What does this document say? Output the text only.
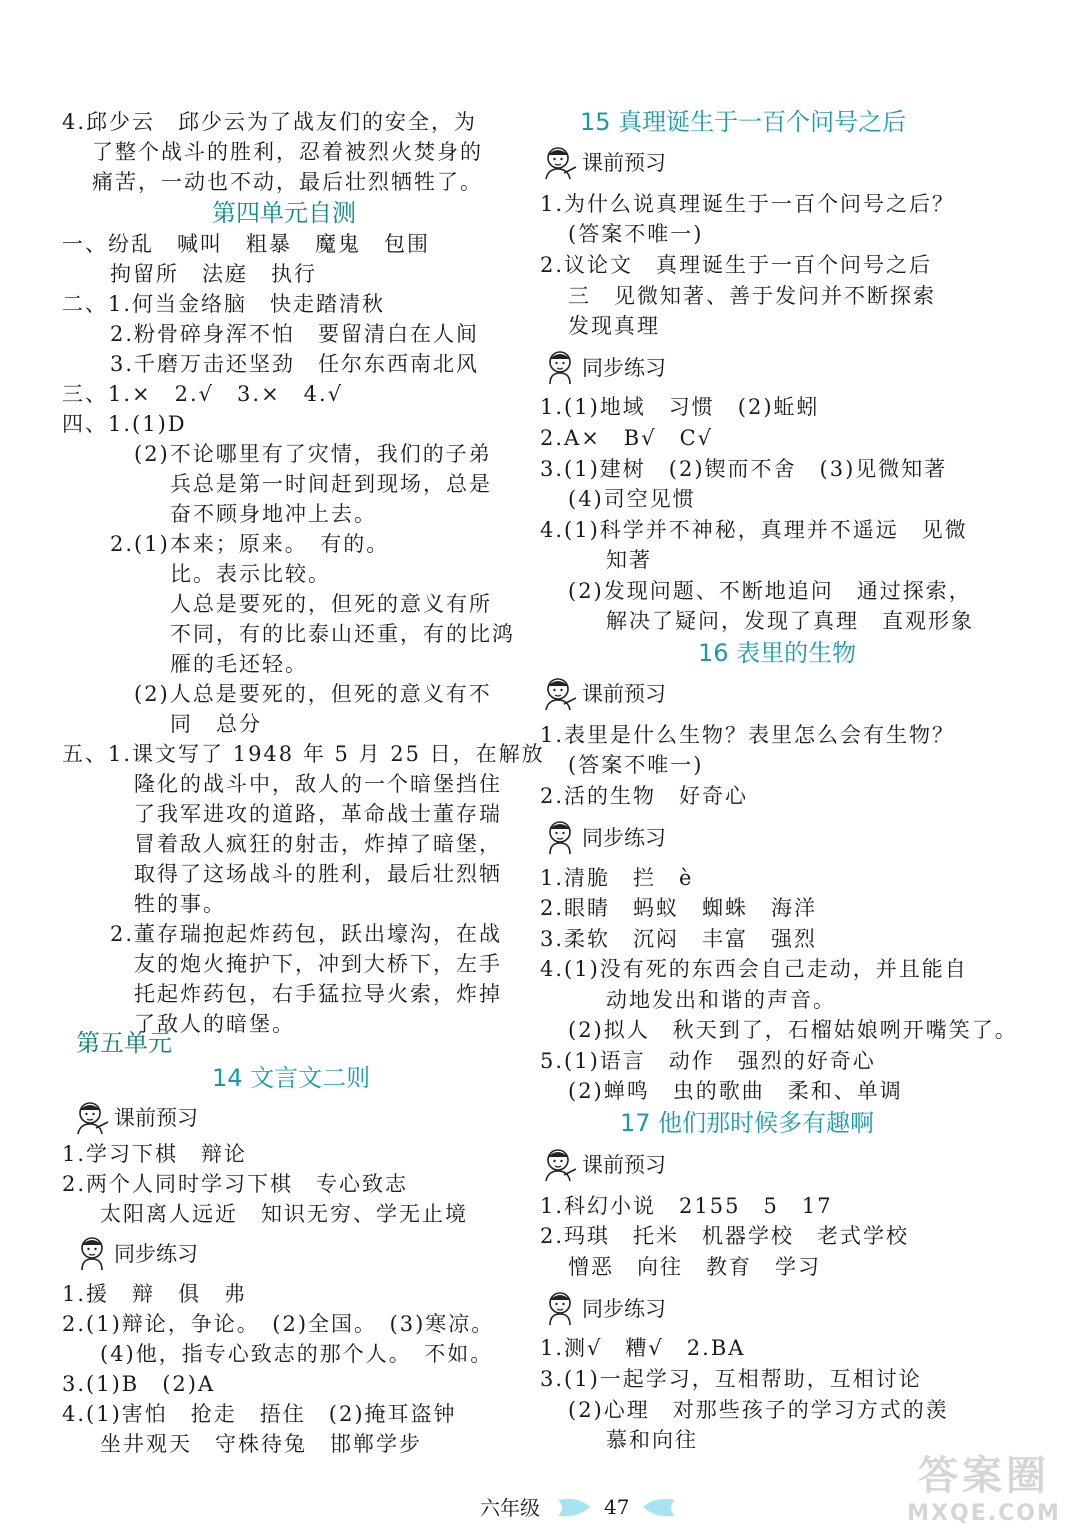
4.邱少云　邱少云为了战友们的安全，为
了整个战斗的胜利，忍着被烈火焚身的
痛苦，一动也不动，最后壮烈牺牲了。
第四单元自测
一、纷乱　喊叫　粗暴　魔鬼　包围
拘留所　法庭　执行
二、1.何当金络脑　快走踏清秋
2.粉骨碎身浑不怕　要留清白在人间
3.千磨万击还坚劲　任尔东西南北风
三、1.×　2.√　3.×　4.√
四、1.(1)D
(2)不论哪里有了灾情，我们的子弟
兵总是第一时间赶到现场，总是
奋不顾身地冲上去。
2.(1)本来；原来。　有的。
比。表示比较。
人总是要死的，但死的意义有所
不同，有的比泰山还重，有的比鸿
雁的毛还轻。
(2)人总是要死的，但死的意义有不
同　总分
五、1.课文写了 1948 年 5 月 25 日，在解放
隆化的战斗中，敌人的一个暗堡挡住
了我军进攻的道路，革命战士董存瑞
冒着敌人疯狂的射击，炸掉了暗堡，
取得了这场战斗的胜利，最后壮烈牺
牲的事。
2.董存瑞抱起炸药包，跃出壕沟，在战
友的炮火掩护下，冲到大桥下，左手
托起炸药包，右手猛拉导火索，炸掉
了敌人的暗堡。
第五单元
14 文言文二则
课前预习
1.学习下棋　辩论
2.两个人同时学习下棋　专心致志
太阳离人远近　知识无穷、学无止境
同步练习
1.援　辩　俱　弗
2.(1)辩论，争论。　(2)全国。　(3)寒凉。
(4)他，指专心致志的那个人。　不如。
3.(1)B　(2)A
4.(1)害怕　抢走　捂住　(2)掩耳盗钟
坐井观天　守株待兔　邯郸学步
15 真理诞生于一百个问号之后
课前预习
1.为什么说真理诞生于一百个问号之后？
(答案不唯一)
2.议论文　真理诞生于一百个问号之后
三　见微知著、善于发问并不断探索
发现真理
同步练习
1.(1)地域　习惯　(2)蚯蚓
2.A×　B√　C√
3.(1)建树　(2)锲而不舍　(3)见微知著
(4)司空见惯
4.(1)科学并不神秘，真理并不遥远　见微
知著
(2)发现问题、不断地追问　通过探索，
解决了疑问，发现了真理　直观形象
16 表里的生物
课前预习
1.表里是什么生物？表里怎么会有生物？
(答案不唯一)
2.活的生物　好奇心
同步练习
1.清脆　拦　è
2.眼睛　蚂蚁　蜘蛛　海洋
3.柔软　沉闷　丰富　强烈
4.(1)没有死的东西会自己走动，并且能自
动地发出和谐的声音。
(2)拟人　秋天到了，石榴姑娘咧开嘴笑了。
5.(1)语言　动作　强烈的好奇心
(2)蝉鸣　虫的歌曲　柔和、单调
17 他们那时候多有趣啊
课前预习
1.科幻小说　2155　5　17
2.玛琪　托米　机器学校　老式学校
憎恶　向往　教育　学习
同步练习
1.测√　糟√　2.BA
3.(1)一起学习，互相帮助，互相讨论
(2)心理　对那些孩子的学习方式的羡
慕和向往
六年级	47
答案圈
MXQE.COM
